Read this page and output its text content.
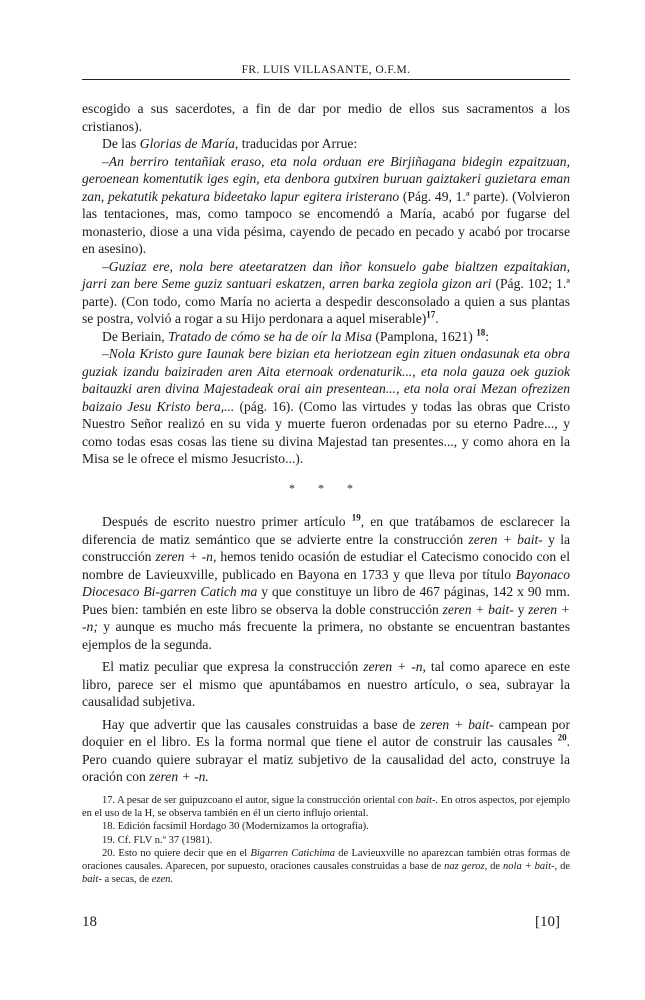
FR. LUIS VILLASANTE, O.F.M.

escogido a sus sacerdotes, a fin de dar por medio de ellos sus sacramentos a los cristianos).

De las Glorias de María, traducidas por Arrue:

–An berriro tentañiak eraso, eta nola orduan ere Birjiñagana bidegin ezpaitzuan, geroenean komentutik iges egin, eta denbora gutxiren buruan gaiztakeri guzietara eman zan, pekatutik pekatura bideetako lapur egitera iristerano (Pág. 49, 1.ª parte). (Volvieron las tentaciones, mas, como tampoco se encomendó a María, acabó por fugarse del monasterio, diose a una vida pésima, cayendo de pecado en pecado y acabó por trocarse en asesino).

–Guziaz ere, nola bere ateetaratzen dan iñor konsuelo gabe bialtzen ezpaitakian, jarri zan bere Seme guziz santuari eskatzen, arren barka zegiola gizon ari (Pág. 102; 1.ª parte). (Con todo, como María no acierta a despedir desconsolado a quien a sus plantas se postra, volvió a rogar a su Hijo perdonara a aquel miserable)$^{17}$.

De Beriain, Tratado de cómo se ha de oír la Misa (Pamplona, 1621) $^{18}$:

–Nola Kristo gure Iaunak bere bizian eta heriotzean egin zituen ondasunak eta obra guziak izandu baiziraden aren Aita eternoak ordenaturik..., eta nola gauza oek guziok baitauzki aren divina Majestadeak orai ain presentean..., eta nola orai Mezan ofrezizen baizaio Jesu Kristo bera,... (pág. 16). (Como las virtudes y todas las obras que Cristo Nuestro Señor realizó en su vida y muerte fueron ordenadas por su eterno Padre..., y como todas esas cosas las tiene su divina Majestad tan presentes..., y como ahora en la Misa se le ofrece el mismo Jesucristo...).

* * *

Después de escrito nuestro primer artículo $^{19}$, en que tratábamos de esclarecer la diferencia de matiz semántico que se advierte entre la construcción zeren + bait- y la construcción zeren + -n, hemos tenido ocasión de estudiar el Catecismo conocido con el nombre de Lavieuxville, publicado en Bayona en 1733 y que lleva por título Bayonaco Diocesaco Bi-garren Catich ma y que constituye un libro de 467 páginas, 142 x 90 mm. Pues bien: también en este libro se observa la doble construcción zeren + bait- y zeren + -n; y aunque es mucho más frecuente la primera, no obstante se encuentran bastantes ejemplos de la segunda.

El matiz peculiar que expresa la construcción zeren + -n, tal como aparece en este libro, parece ser el mismo que apuntábamos en nuestro artículo, o sea, subrayar la causalidad subjetiva.

Hay que advertir que las causales construidas a base de zeren + bait- campean por doquier en el libro. Es la forma normal que tiene el autor de construir las causales $^{20}$. Pero cuando quiere subrayar el matiz subjetivo de la causalidad del acto, construye la oración con zeren + -n.

17. A pesar de ser guipuzcoano el autor, sigue la construcción oriental con bait-. En otros aspectos, por ejemplo en el uso de la H, se observa también en él un cierto influjo oriental.

18. Edición facsímil Hordago 30 (Modernizamos la ortografía).

19. Cf. FLV n.º 37 (1981).

20. Esto no quiere decir que en el Bigarren Catichima de Lavieuxville no aparezcan también otras formas de oraciones causales. Aparecen, por supuesto, oraciones causales construidas a base de naz geroz, de nola + bait-, de bait- a secas, de ezen.

18	[10]
